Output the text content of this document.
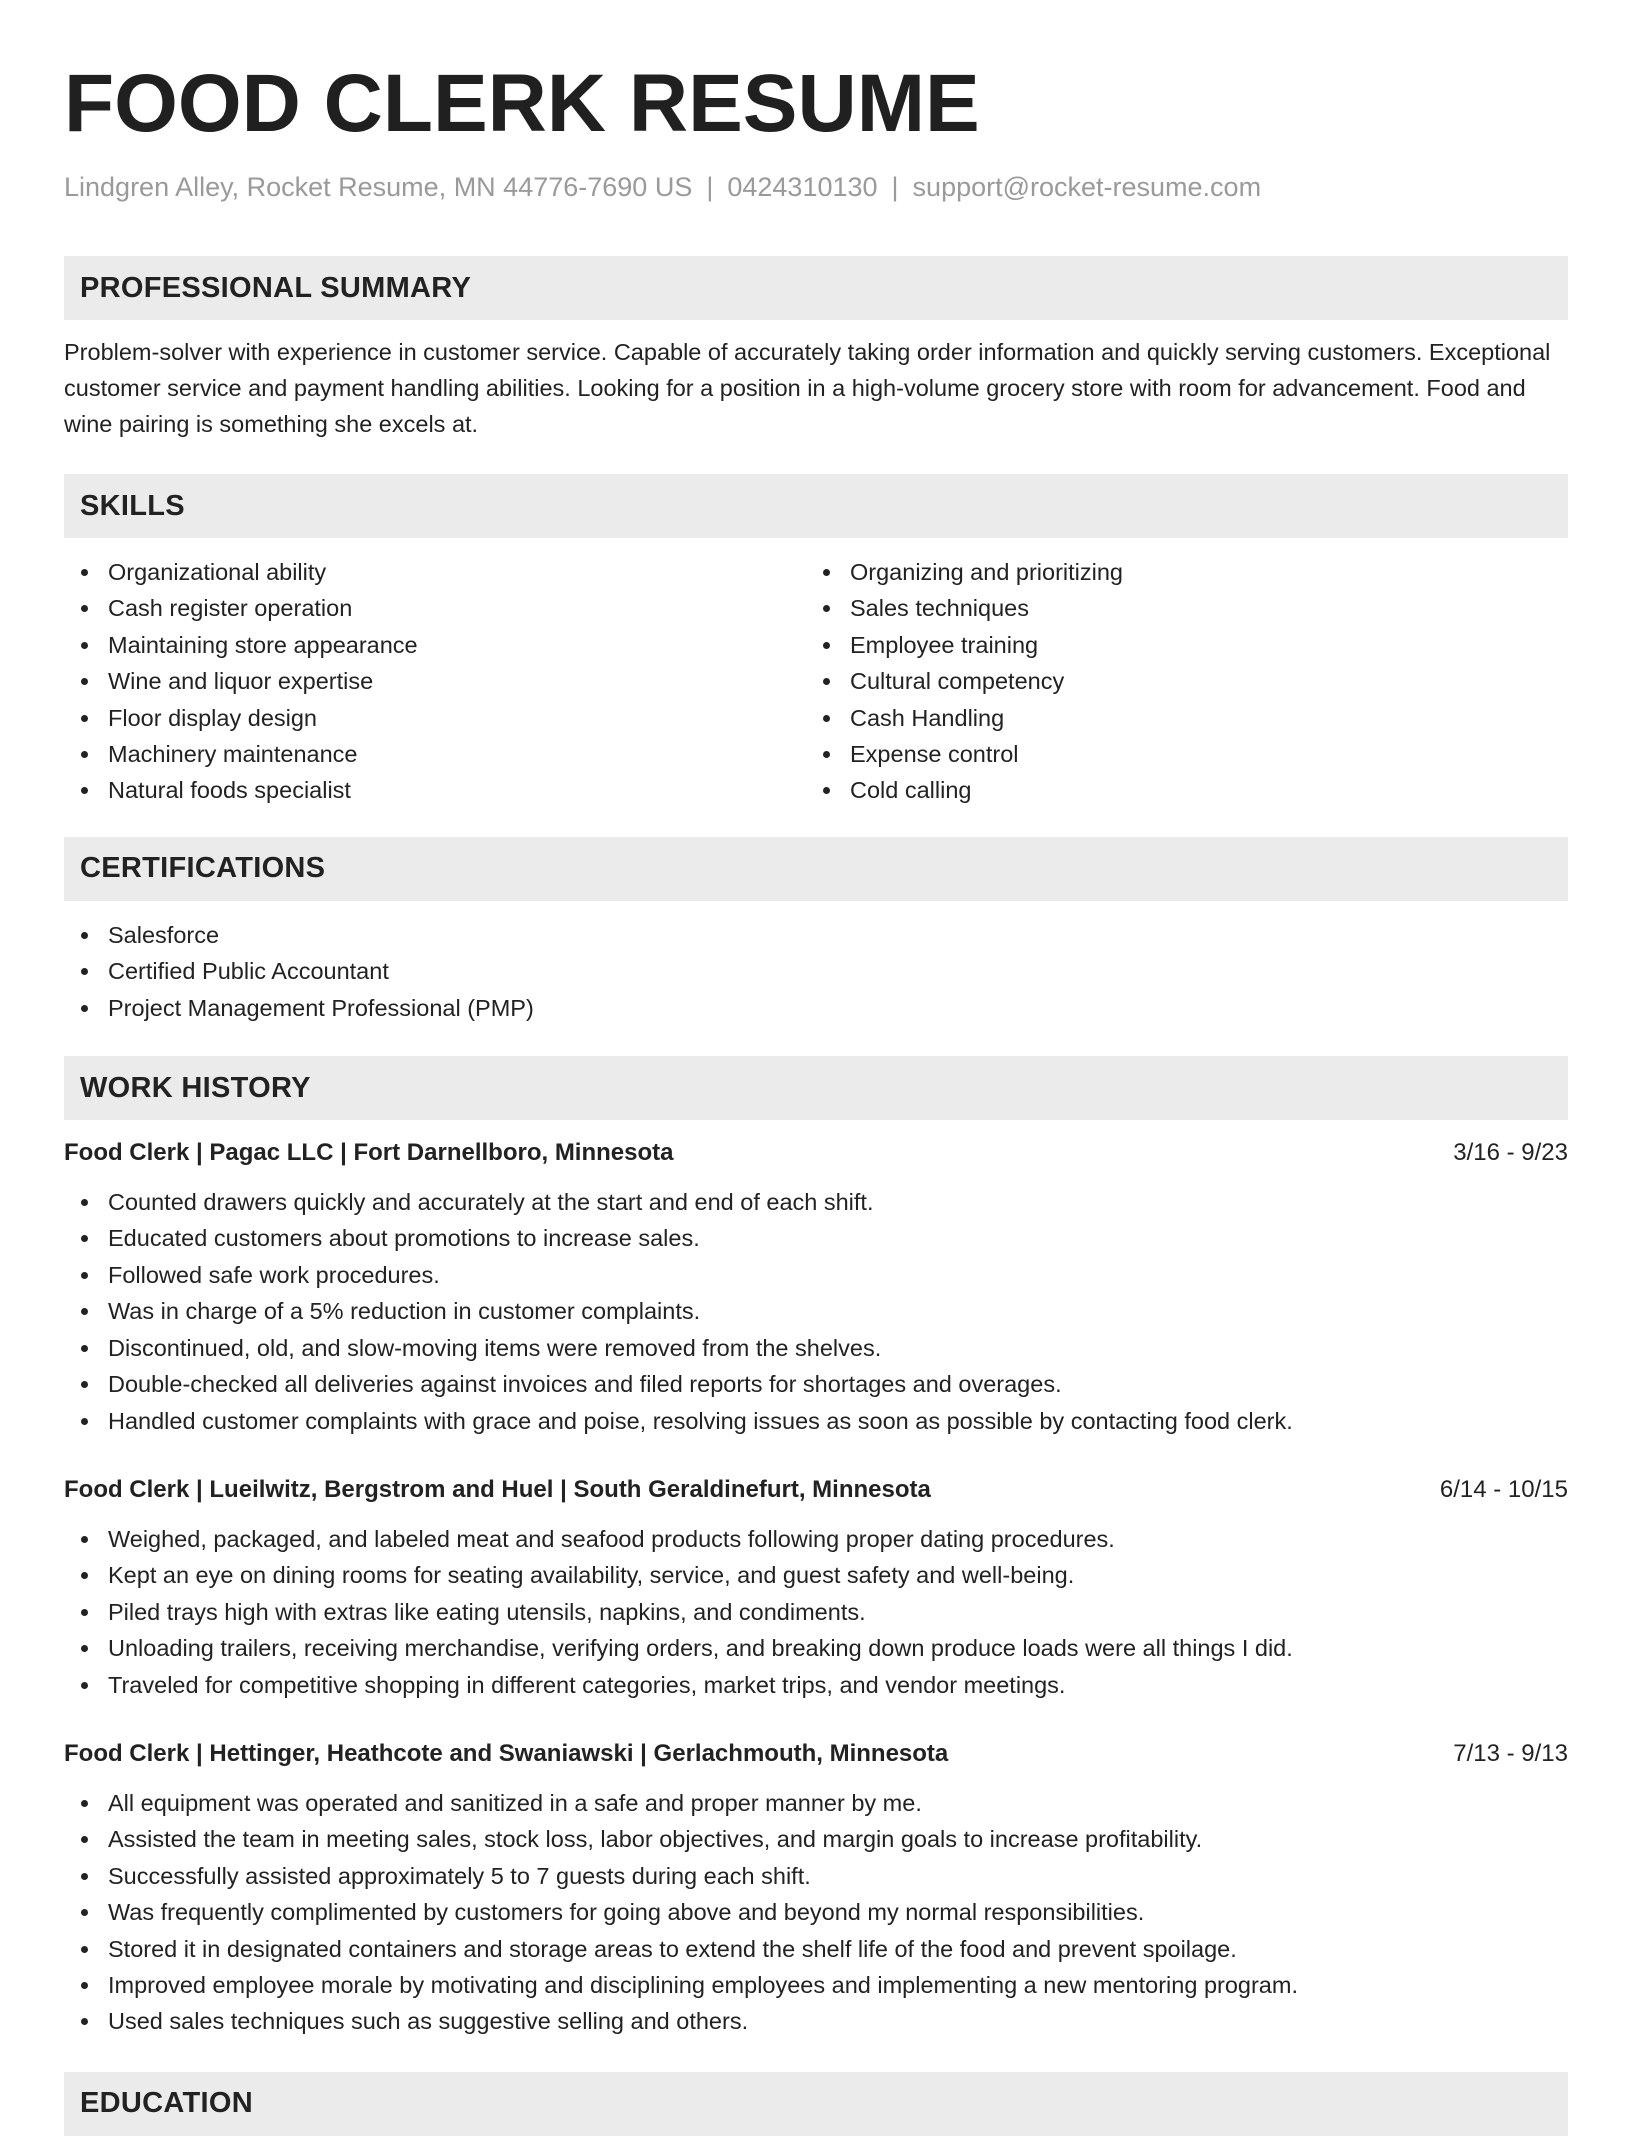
FOOD CLERK RESUME
Lindgren Alley, Rocket Resume, MN 44776-7690 US | 0424310130 | support@rocket-resume.com
PROFESSIONAL SUMMARY
Problem-solver with experience in customer service. Capable of accurately taking order information and quickly serving customers. Exceptional customer service and payment handling abilities. Looking for a position in a high-volume grocery store with room for advancement. Food and wine pairing is something she excels at.
SKILLS
Organizational ability
Cash register operation
Maintaining store appearance
Wine and liquor expertise
Floor display design
Machinery maintenance
Natural foods specialist
Organizing and prioritizing
Sales techniques
Employee training
Cultural competency
Cash Handling
Expense control
Cold calling
CERTIFICATIONS
Salesforce
Certified Public Accountant
Project Management Professional (PMP)
WORK HISTORY
Food Clerk | Pagac LLC | Fort Darnellboro, Minnesota	3/16 - 9/23
Counted drawers quickly and accurately at the start and end of each shift.
Educated customers about promotions to increase sales.
Followed safe work procedures.
Was in charge of a 5% reduction in customer complaints.
Discontinued, old, and slow-moving items were removed from the shelves.
Double-checked all deliveries against invoices and filed reports for shortages and overages.
Handled customer complaints with grace and poise, resolving issues as soon as possible by contacting food clerk.
Food Clerk | Lueilwitz, Bergstrom and Huel | South Geraldinefurt, Minnesota	6/14 - 10/15
Weighed, packaged, and labeled meat and seafood products following proper dating procedures.
Kept an eye on dining rooms for seating availability, service, and guest safety and well-being.
Piled trays high with extras like eating utensils, napkins, and condiments.
Unloading trailers, receiving merchandise, verifying orders, and breaking down produce loads were all things I did.
Traveled for competitive shopping in different categories, market trips, and vendor meetings.
Food Clerk | Hettinger, Heathcote and Swaniawski | Gerlachmouth, Minnesota	7/13 - 9/13
All equipment was operated and sanitized in a safe and proper manner by me.
Assisted the team in meeting sales, stock loss, labor objectives, and margin goals to increase profitability.
Successfully assisted approximately 5 to 7 guests during each shift.
Was frequently complimented by customers for going above and beyond my normal responsibilities.
Stored it in designated containers and storage areas to extend the shelf life of the food and prevent spoilage.
Improved employee morale by motivating and disciplining employees and implementing a new mentoring program.
Used sales techniques such as suggestive selling and others.
EDUCATION
